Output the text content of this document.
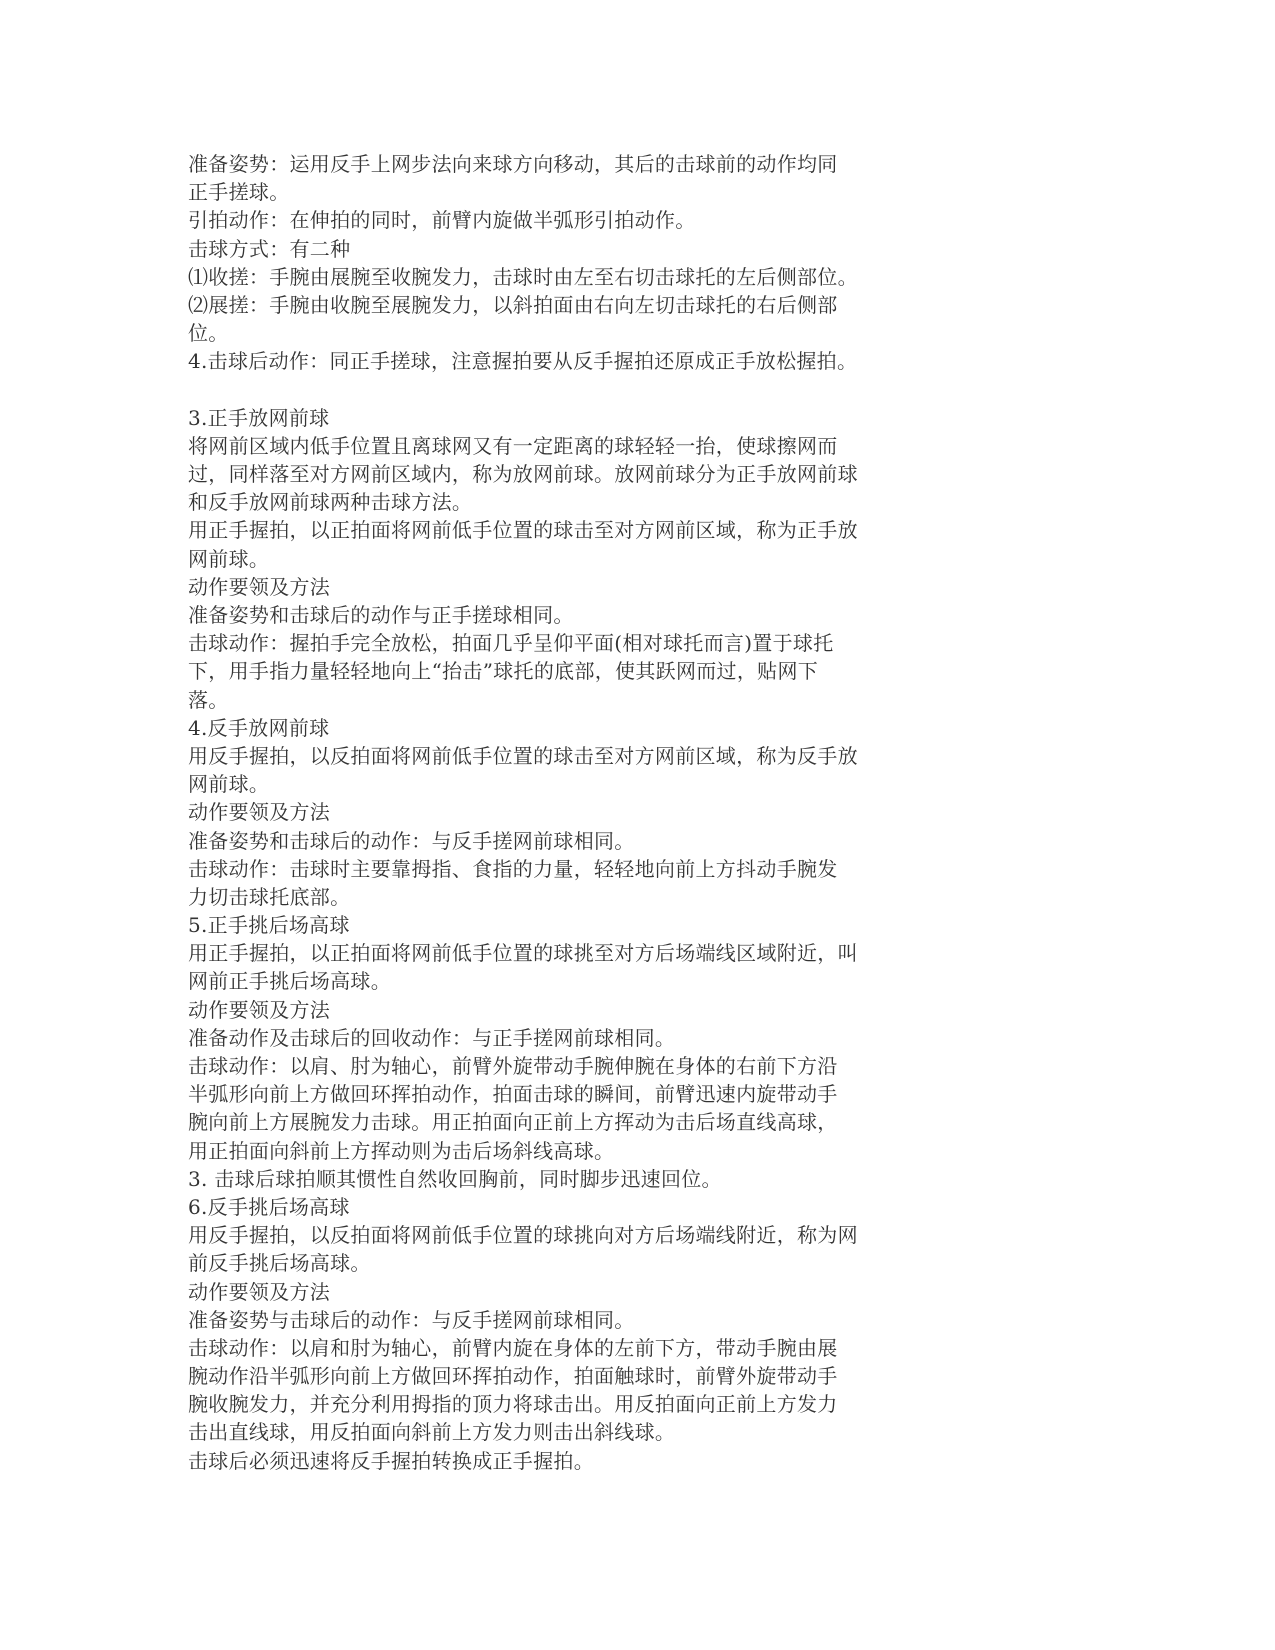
准备姿势：运用反手上网步法向来球方向移动，其后的击球前的动作均同
正手搓球。
引拍动作：在伸拍的同时，前臂内旋做半弧形引拍动作。
击球方式：有二种
⑴收搓：手腕由展腕至收腕发力，击球时由左至右切击球托的左后侧部位。
⑵展搓：手腕由收腕至展腕发力，以斜拍面由右向左切击球托的右后侧部
位。
4.击球后动作：同正手搓球，注意握拍要从反手握拍还原成正手放松握拍。
3.正手放网前球
将网前区域内低手位置且离球网又有一定距离的球轻轻一抬，使球擦网而
过，同样落至对方网前区域内，称为放网前球。放网前球分为正手放网前球
和反手放网前球两种击球方法。
用正手握拍，以正拍面将网前低手位置的球击至对方网前区域，称为正手放
网前球。
动作要领及方法
准备姿势和击球后的动作与正手搓球相同。
击球动作：握拍手完全放松，拍面几乎呈仰平面(相对球托而言)置于球托
下，用手指力量轻轻地向上“抬击”球托的底部，使其跃网而过，贴网下
落。
4.反手放网前球
用反手握拍，以反拍面将网前低手位置的球击至对方网前区域，称为反手放
网前球。
动作要领及方法
准备姿势和击球后的动作：与反手搓网前球相同。
击球动作：击球时主要靠拇指、食指的力量，轻轻地向前上方抖动手腕发
力切击球托底部。
5.正手挑后场高球
用正手握拍，以正拍面将网前低手位置的球挑至对方后场端线区域附近，叫
网前正手挑后场高球。
动作要领及方法
准备动作及击球后的回收动作：与正手搓网前球相同。
击球动作：以肩、肘为轴心，前臂外旋带动手腕伸腕在身体的右前下方沿
半弧形向前上方做回环挥拍动作，拍面击球的瞬间，前臂迅速内旋带动手
腕向前上方展腕发力击球。用正拍面向正前上方挥动为击后场直线高球，
用正拍面向斜前上方挥动则为击后场斜线高球。
3. 击球后球拍顺其惯性自然收回胸前，同时脚步迅速回位。
6.反手挑后场高球
用反手握拍，以反拍面将网前低手位置的球挑向对方后场端线附近，称为网
前反手挑后场高球。
动作要领及方法
准备姿势与击球后的动作：与反手搓网前球相同。
击球动作：以肩和肘为轴心，前臂内旋在身体的左前下方，带动手腕由展
腕动作沿半弧形向前上方做回环挥拍动作，拍面触球时，前臂外旋带动手
腕收腕发力，并充分利用拇指的顶力将球击出。用反拍面向正前上方发力
击出直线球，用反拍面向斜前上方发力则击出斜线球。
击球后必须迅速将反手握拍转换成正手握拍。
